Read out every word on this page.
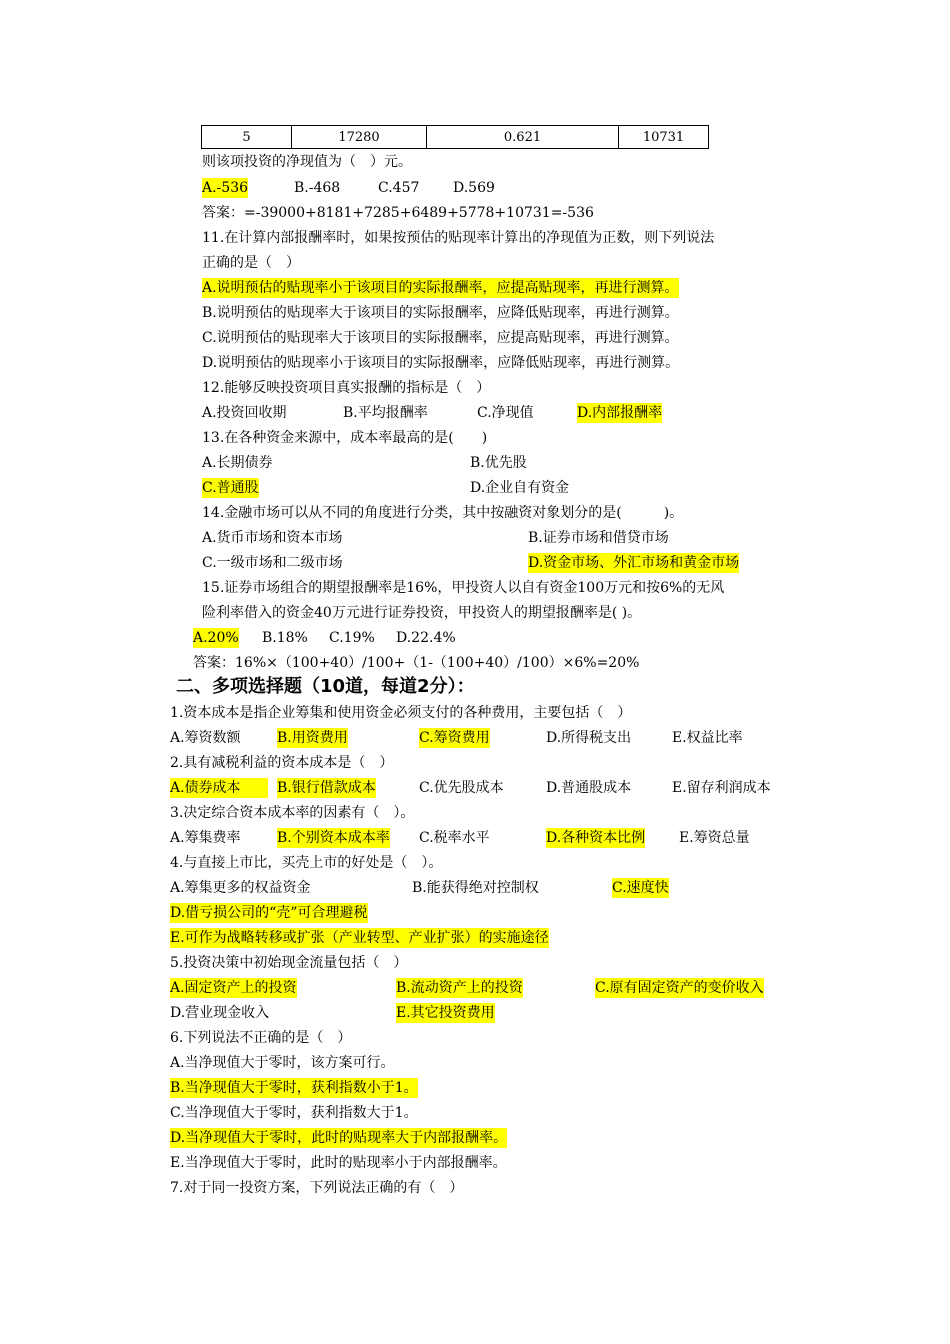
5	17280	0.621	10731
则该项投资的净现值为（　）元。
A.-536	B.-468	C.457 D.569
答案：=-39000+8181+7285+6489+5778+10731=-536
11.在计算内部报酬率时，如果按预估的贴现率计算出的净现值为正数，则下列说法
正确的是（　）
A.说明预估的贴现率小于该项目的实际报酬率，应提高贴现率，再进行测算。
B.说明预估的贴现率大于该项目的实际报酬率，应降低贴现率，再进行测算。
C.说明预估的贴现率大于该项目的实际报酬率，应提高贴现率，再进行测算。
D.说明预估的贴现率小于该项目的实际报酬率，应降低贴现率，再进行测算。
12.能够反映投资项目真实报酬的指标是（　）
A.投资回收期	B.平均报酬率	C.净现值	D.内部报酬率
13.在各种资金来源中，成本率最高的是(　　)
A.长期债券	B.优先股
C.普通股	D.企业自有资金
14.金融市场可以从不同的角度进行分类，其中按融资对象划分的是(　　　)。
A.货币市场和资本市场	B.证券市场和借贷市场
C.一级市场和二级市场	D.资金市场、外汇市场和黄金市场
15.证券市场组合的期望报酬率是16%，甲投资人以自有资金100万元和按6%的无风
险利率借入的资金40万元进行证券投资，甲投资人的期望报酬率是( )。
A.20% B.18% C.19% D.22.4%
答案：16%×（100+40）/100+（1-（100+40）/100）×6%=20%
二、多项选择题（10道，每道2分）：
1.资本成本是指企业筹集和使用资金必须支付的各种费用，主要包括（　）
A.筹资数额	B.用资费用	C.筹资费用	D.所得税支出	E.权益比率
2.具有减税利益的资本成本是（　）
A.债券成本	B.银行借款成本	C.优先股成本	D.普通股成本	E.留存利润成本
3.决定综合资本成本率的因素有（　）。
A.筹集费率	B.个别资本成本率 C.税率水平	D.各种资本比例 E.筹资总量
4.与直接上市比，买壳上市的好处是（　）。
A.筹集更多的权益资金	B.能获得绝对控制权	C.速度快
D.借亏损公司的“壳”可合理避税
E.可作为战略转移或扩张（产业转型、产业扩张）的实施途径
5.投资决策中初始现金流量包括（　）
A.固定资产上的投资	B.流动资产上的投资	C.原有固定资产的变价收入
D.营业现金收入	E.其它投资费用
6.下列说法不正确的是（　）
A.当净现值大于零时，该方案可行。
B.当净现值大于零时，获利指数小于1。
C.当净现值大于零时，获利指数大于1。
D.当净现值大于零时，此时的贴现率大于内部报酬率。
E.当净现值大于零时，此时的贴现率小于内部报酬率。
7.对于同一投资方案，下列说法正确的有（　）
